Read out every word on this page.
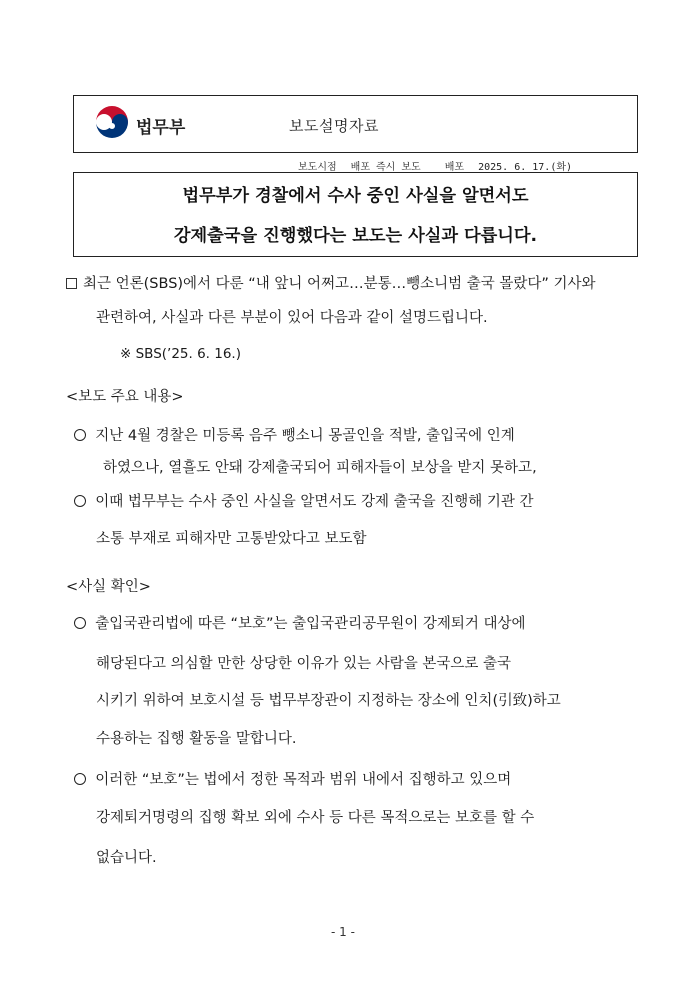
법무부	보도설명자료
보도시점 배포 즉시 보도 배포 2025. 6. 17.(화)
법무부가 경찰에서 수사 중인 사실을 알면서도
강제출국을 진행했다는 보도는 사실과 다릅니다.
최근 언론(SBS)에서 다룬 “내 앞니 어쩌고…분통…뺑소니범 출국 몰랐다” 기사와
관련하여, 사실과 다른 부분이 있어 다음과 같이 설명드립니다.
※ SBS(’25. 6. 16.)
<보도 주요 내용>
지난 4월 경찰은 미등록 음주 뺑소니 몽골인을 적발, 출입국에 인계
하였으나, 열흘도 안돼 강제출국되어 피해자들이 보상을 받지 못하고,
이때 법무부는 수사 중인 사실을 알면서도 강제 출국을 진행해 기관 간
소통 부재로 피해자만 고통받았다고 보도함
<사실 확인>
출입국관리법에 따른 “보호”는 출입국관리공무원이 강제퇴거 대상에
해당된다고 의심할 만한 상당한 이유가 있는 사람을 본국으로 출국
시키기 위하여 보호시설 등 법무부장관이 지정하는 장소에 인치(引致)하고
수용하는 집행 활동을 말합니다.
이러한 “보호”는 법에서 정한 목적과 범위 내에서 집행하고 있으며
강제퇴거명령의 집행 확보 외에 수사 등 다른 목적으로는 보호를 할 수
없습니다.
- 1 -
